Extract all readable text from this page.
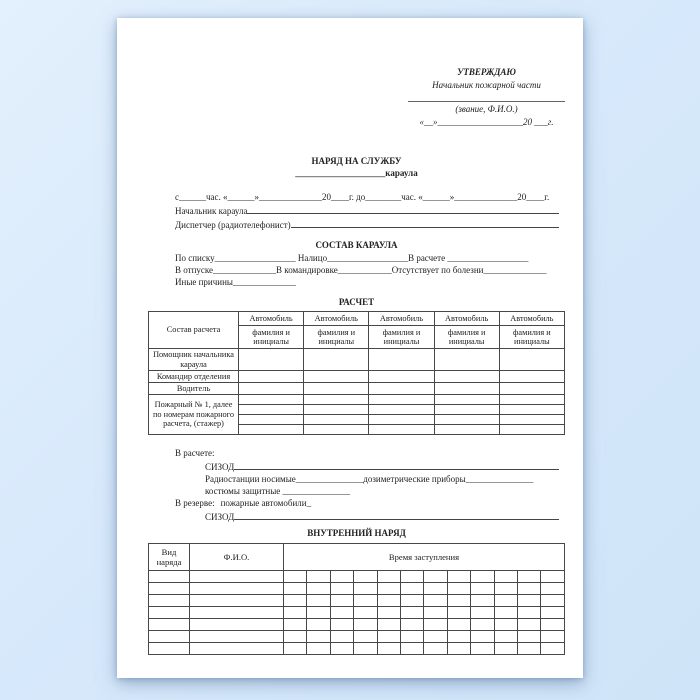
УТВЕРЖДАЮ
Начальник пожарной части
(звание, Ф.И.О.)
«__»___________________20 ___г.
НАРЯД НА СЛУЖБУ
____________________караула
с______час. «______»______________20____г. до________час. «______»______________20____г.
Начальник караула
Диспетчер (радиотелефонист)
СОСТАВ КАРАУЛА
По списку__________________ Налицо__________________В расчете __________________
В отпуске______________В командировке____________Отсутствует по болезни______________
Иные причины______________
РАСЧЕТ
Состав расчета	Автомобиль	Автомобиль	Автомобиль	Автомобиль	Автомобиль
	фамилия и инициалы	фамилия и инициалы	фамилия и инициалы	фамилия и инициалы	фамилия и инициалы
Помощник начальника караула					
Командир отделения					
Водитель					
Пожарный № 1, далее по номерам пожарного расчета, (стажер)					

В расчете:
СИЗОД
Радиостанции носимые_______________дозиметрические приборы_______________
костюмы защитные _______________
В резерве: пожарные автомобили_
СИЗОД
ВНУТРЕННИЙ НАРЯД
Вид наряда	Ф.И.О.	Время заступления											
